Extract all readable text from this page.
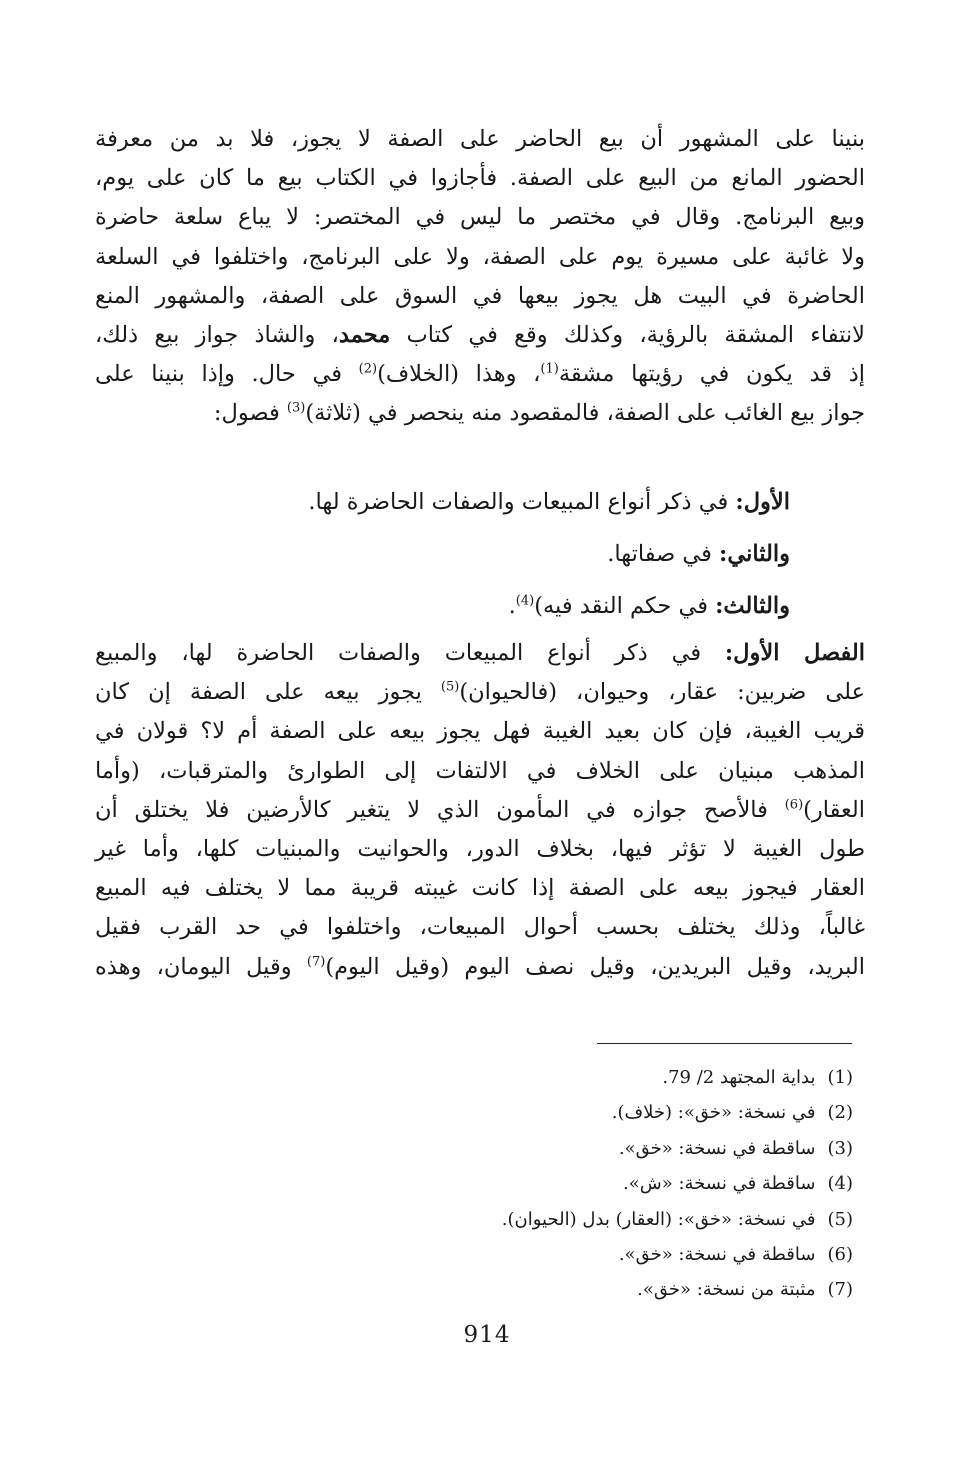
بنينا على المشهور أن بيع الحاضر على الصفة لا يجوز، فلا بد من معرفة
الحضور المانع من البيع على الصفة. فأجازوا في الكتاب بيع ما كان على يوم،
وبيع البرنامج. وقال في مختصر ما ليس في المختصر: لا يباع سلعة حاضرة
ولا غائبة على مسيرة يوم على الصفة، ولا على البرنامج، واختلفوا في السلعة
الحاضرة في البيت هل يجوز بيعها في السوق على الصفة، والمشهور المنع
لانتفاء المشقة بالرؤية، وكذلك وقع في كتاب محمد، والشاذ جواز بيع ذلك،
إذ قد يكون في رؤيتها مشقة$^{(1)}$، وهذا (الخلاف)$^{(2)}$ في حال. وإذا بنينا على
جواز بيع الغائب على الصفة، فالمقصود منه ينحصر في (ثلاثة)$^{(3)}$ فصول:
الأول: في ذكر أنواع المبيعات والصفات الحاضرة لها.
والثاني: في صفاتها.
والثالث: في حكم النقد فيه)$^{(4)}$.
الفصل الأول: في ذكر أنواع المبيعات والصفات الحاضرة لها، والمبيع
على ضربين: عقار، وحيوان، (فالحيوان)$^{(5)}$ يجوز بيعه على الصفة إن كان
قريب الغيبة، فإن كان بعيد الغيبة فهل يجوز بيعه على الصفة أم لا؟ قولان في
المذهب مبنيان على الخلاف في الالتفات إلى الطوارئ والمترقبات، (وأما
العقار)$^{(6)}$ فالأصح جوازه في المأمون الذي لا يتغير كالأرضين فلا يختلق أن
طول الغيبة لا تؤثر فيها، بخلاف الدور، والحوانيت والمبنيات كلها، وأما غير
العقار فيجوز بيعه على الصفة إذا كانت غيبته قريبة مما لا يختلف فيه المبيع
غالباً، وذلك يختلف بحسب أحوال المبيعات، واختلفوا في حد القرب فقيل
البريد، وقيل البريدين، وقيل نصف اليوم (وقيل اليوم)$^{(7)}$ وقيل اليومان، وهذه
(1)بداية المجتهد 2/ 79.
(2)في نسخة: «خق»: (خلاف).
(3)ساقطة في نسخة: «خق».
(4)ساقطة في نسخة: «ش».
(5)في نسخة: «خق»: (العقار) بدل (الحيوان).
(6)ساقطة في نسخة: «خق».
(7)مثبتة من نسخة: «خق».
914
